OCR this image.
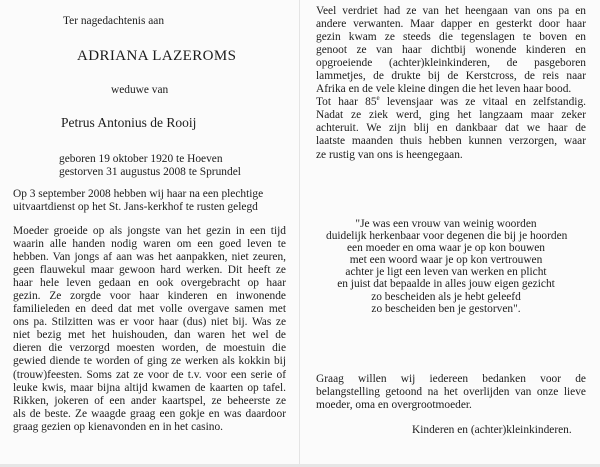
Ter nagedachtenis aan
ADRIANA LAZEROMS
weduwe van
Petrus Antonius de Rooij
geboren 19 oktober 1920 te Hoeven
gestorven 31 augustus 2008 te Sprundel
Op 3 september 2008 hebben wij haar na een plechtige
uitvaartdienst op het St. Jans-kerkhof te rusten gelegd
Moeder groeide op als jongste van het gezin in een tijd
waarin alle handen nodig waren om een goed leven te
hebben. Van jongs af aan was het aanpakken, niet zeuren,
geen flauwekul maar gewoon hard werken. Dit heeft ze
haar hele leven gedaan en ook overgebracht op haar
gezin. Ze zorgde voor haar kinderen en inwonende
familieleden en deed dat met volle overgave samen met
ons pa. Stilzitten was er voor haar (dus) niet bij. Was ze
niet bezig met het huishouden, dan waren het wel de
dieren die verzorgd moesten worden, de moestuin die
gewied diende te worden of ging ze werken als kokkin bij
(trouw)feesten. Soms zat ze voor de t.v. voor een serie of
leuke kwis, maar bijna altijd kwamen de kaarten op tafel.
Rikken, jokeren of een ander kaartspel, ze beheerste ze
als de beste. Ze waagde graag een gokje en was daardoor
graag gezien op kienavonden en in het casino.
Veel verdriet had ze van het heengaan van ons pa en
andere verwanten. Maar dapper en gesterkt door haar
gezin kwam ze steeds die tegenslagen te boven en
genoot ze van haar dichtbij wonende kinderen en
opgroeiende (achter)kleinkinderen, de pasgeboren
lammetjes, de drukte bij de Kerstcross, de reis naar
Afrika en de vele kleine dingen die het leven haar bood.
Tot haar 85e levensjaar was ze vitaal en zelfstandig.
Nadat ze ziek werd, ging het langzaam maar zeker
achteruit. We zijn blij en dankbaar dat we haar de
laatste maanden thuis hebben kunnen verzorgen, waar
ze rustig van ons is heengegaan.
"Je was een vrouw van weinig woorden
duidelijk herkenbaar voor degenen die bij je hoorden
een moeder en oma waar je op kon bouwen
met een woord waar je op kon vertrouwen
achter je ligt een leven van werken en plicht
en juist dat bepaalde in alles jouw eigen gezicht
zo bescheiden als je hebt geleefd
zo bescheiden ben je gestorven".
Graag willen wij iedereen bedanken voor de
belangstelling getoond na het overlijden van onze lieve
moeder, oma en overgrootmoeder.
Kinderen en (achter)kleinkinderen.
